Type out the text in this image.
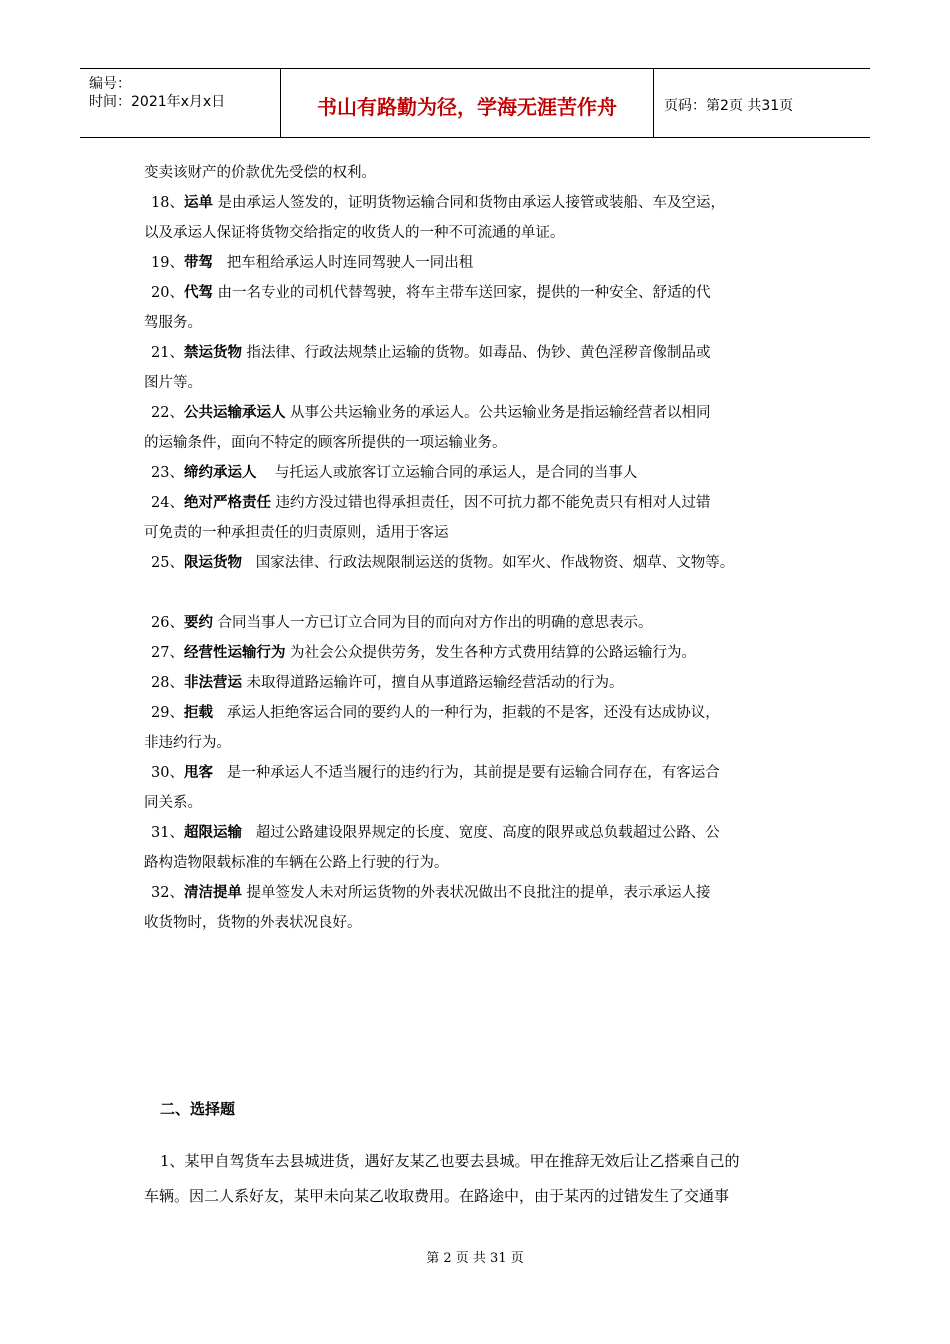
编号：
时间：2021年x月x日	书山有路勤为径，学海无涯苦作舟	页码：第2页 共31页
变卖该财产的价款优先受偿的权利。
18、运单 是由承运人签发的，证明货物运输合同和货物由承运人接管或装船、车及空运，
以及承运人保证将货物交给指定的收货人的一种不可流通的单证。
19、带驾   把车租给承运人时连同驾驶人一同出租
20、代驾 由一名专业的司机代替驾驶，将车主带车送回家，提供的一种安全、舒适的代
驾服务。
21、禁运货物 指法律、行政法规禁止运输的货物。如毒品、伪钞、黄色淫秽音像制品或
图片等。
22、公共运输承运人 从事公共运输业务的承运人。公共运输业务是指运输经营者以相同
的运输条件，面向不特定的顾客所提供的一项运输业务。
23、缔约承运人    与托运人或旅客订立运输合同的承运人，是合同的当事人
24、绝对严格责任 违约方没过错也得承担责任，因不可抗力都不能免责只有相对人过错
可免责的一种承担责任的归责原则，适用于客运
25、限运货物   国家法律、行政法规限制运送的货物。如军火、作战物资、烟草、文物等。
26、要约 合同当事人一方已订立合同为目的而向对方作出的明确的意思表示。
27、经营性运输行为 为社会公众提供劳务，发生各种方式费用结算的公路运输行为。
28、非法营运 未取得道路运输许可，擅自从事道路运输经营活动的行为。
29、拒载   承运人拒绝客运合同的要约人的一种行为，拒载的不是客，还没有达成协议，
非违约行为。
30、甩客   是一种承运人不适当履行的违约行为，其前提是要有运输合同存在，有客运合
同关系。
31、超限运输   超过公路建设限界规定的长度、宽度、高度的限界或总负载超过公路、公
路构造物限载标准的车辆在公路上行驶的行为。
32、清洁提单 提单签发人未对所运货物的外表状况做出不良批注的提单，表示承运人接
收货物时，货物的外表状况良好。
二、选择题
1、某甲自驾货车去县城进货，遇好友某乙也要去县城。甲在推辞无效后让乙搭乘自己的
车辆。因二人系好友，某甲未向某乙收取费用。在路途中，由于某丙的过错发生了交通事
第 2 页 共 31 页
